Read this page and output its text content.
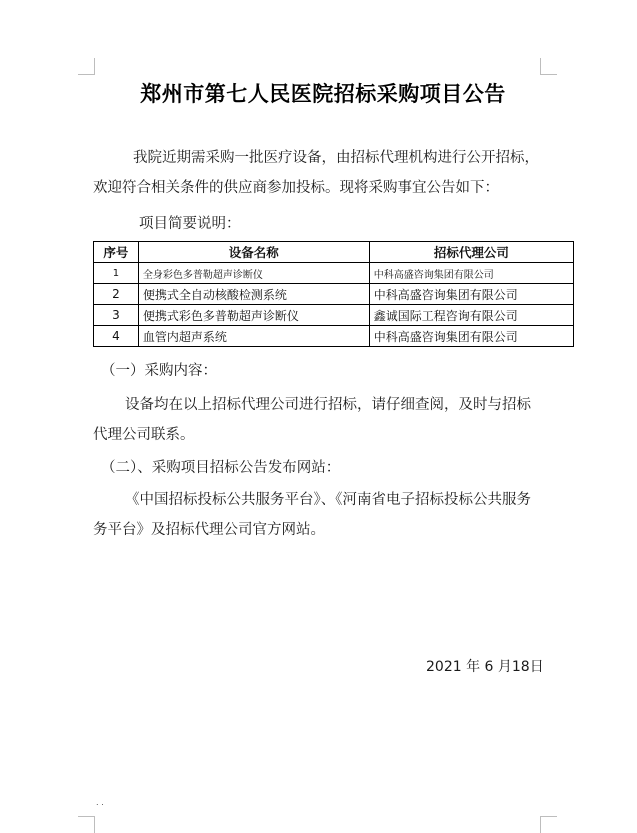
郑州市第七人民医院招标采购项目公告
我院近期需采购一批医疗设备，由招标代理机构进行公开招标，
欢迎符合相关条件的供应商参加投标。现将采购事宜公告如下：
项目简要说明：
序号	设备名称	招标代理公司
1	全身彩色多普勒超声诊断仪	中科高盛咨询集团有限公司
2	便携式全自动核酸检测系统	中科高盛咨询集团有限公司
3	便携式彩色多普勒超声诊断仪	鑫诚国际工程咨询有限公司
4	血管内超声系统	中科高盛咨询集团有限公司
（一）采购内容：
设备均在以上招标代理公司进行招标，请仔细查阅，及时与招标
代理公司联系。
（二）、采购项目招标公告发布网站：
《中国招标投标公共服务平台》、《河南省电子招标投标公共服务
务平台》及招标代理公司官方网站。
2021 年 6 月18日
. .
